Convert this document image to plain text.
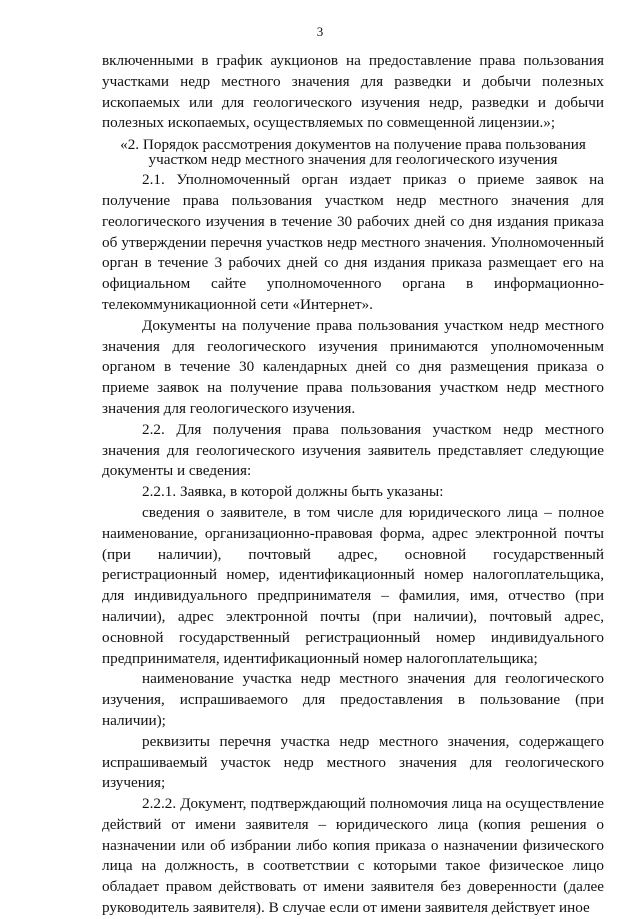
3

включенными в график аукционов на предоставление права пользования участками недр местного значения для разведки и добычи полезных ископаемых или для геологического изучения недр, разведки и добычи полезных ископаемых, осуществляемых по совмещенной лицензии.»;

«2. Порядок рассмотрения документов на получение права пользования участком недр местного значения для геологического изучения

2.1. Уполномоченный орган издает приказ о приеме заявок на получение права пользования участком недр местного значения для геологического изучения в течение 30 рабочих дней со дня издания приказа об утверждении перечня участков недр местного значения. Уполномоченный орган в течение 3 рабочих дней со дня издания приказа размещает его на официальном сайте уполномоченного органа в информационно-телекоммуникационной сети «Интернет».

Документы на получение права пользования участком недр местного значения для геологического изучения принимаются уполномоченным органом в течение 30 календарных дней со дня размещения приказа о приеме заявок на получение права пользования участком недр местного значения для геологического изучения.

2.2. Для получения права пользования участком недр местного значения для геологического изучения заявитель представляет следующие документы и сведения:

2.2.1. Заявка, в которой должны быть указаны:

сведения о заявителе, в том числе для юридического лица – полное наименование, организационно-правовая форма, адрес электронной почты (при наличии), почтовый адрес, основной государственный регистрационный номер, идентификационный номер налогоплательщика, для индивидуального предпринимателя – фамилия, имя, отчество (при наличии), адрес электронной почты (при наличии), почтовый адрес, основной государственный регистрационный номер индивидуального предпринимателя, идентификационный номер налогоплательщика;

наименование участка недр местного значения для геологического изучения, испрашиваемого для предоставления в пользование (при наличии);

реквизиты перечня участка недр местного значения, содержащего испрашиваемый участок недр местного значения для геологического изучения;

2.2.2. Документ, подтверждающий полномочия лица на осуществление действий от имени заявителя – юридического лица (копия решения о назначении или об избрании либо копия приказа о назначении физического лица на должность, в соответствии с которыми такое физическое лицо обладает правом действовать от имени заявителя без доверенности (далее руководитель заявителя). В случае если от имени заявителя действует иное
